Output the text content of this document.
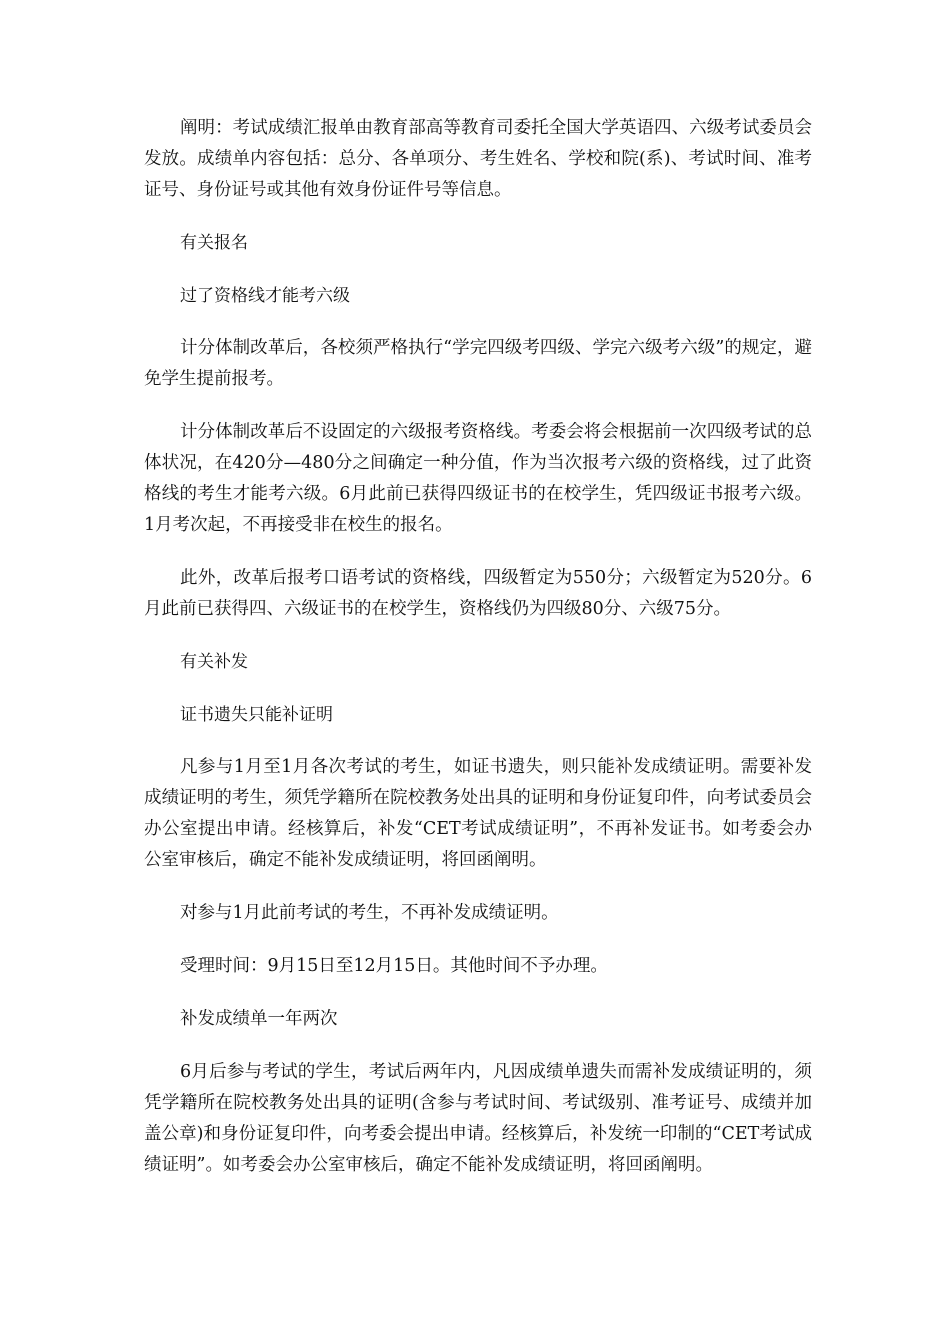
阐明：考试成绩汇报单由教育部高等教育司委托全国大学英语四、六级考试委员会发放。成绩单内容包括：总分、各单项分、考生姓名、学校和院(系)、考试时间、准考证号、身份证号或其他有效身份证件号等信息。

有关报名
过了资格线才能考六级

计分体制改革后，各校须严格执行“学完四级考四级、学完六级考六级”的规定，避免学生提前报考。

计分体制改革后不设固定的六级报考资格线。考委会将会根据前一次四级考试的总体状况，在420分—480分之间确定一种分值，作为当次报考六级的资格线，过了此资格线的考生才能考六级。6月此前已获得四级证书的在校学生，凭四级证书报考六级。1月考次起，不再接受非在校生的报名。

此外，改革后报考口语考试的资格线，四级暂定为550分；六级暂定为520分。6月此前已获得四、六级证书的在校学生，资格线仍为四级80分、六级75分。

有关补发
证书遗失只能补证明

凡参与1月至1月各次考试的考生，如证书遗失，则只能补发成绩证明。需要补发成绩证明的考生，须凭学籍所在院校教务处出具的证明和身份证复印件，向考试委员会办公室提出申请。经核算后，补发“CET考试成绩证明”，不再补发证书。如考委会办公室审核后，确定不能补发成绩证明，将回函阐明。

对参与1月此前考试的考生，不再补发成绩证明。

受理时间：9月15日至12月15日。其他时间不予办理。

补发成绩单一年两次

6月后参与考试的学生，考试后两年内，凡因成绩单遗失而需补发成绩证明的，须凭学籍所在院校教务处出具的证明(含参与考试时间、考试级别、准考证号、成绩并加盖公章)和身份证复印件，向考委会提出申请。经核算后，补发统一印制的“CET考试成绩证明”。如考委会办公室审核后，确定不能补发成绩证明，将回函阐明。
